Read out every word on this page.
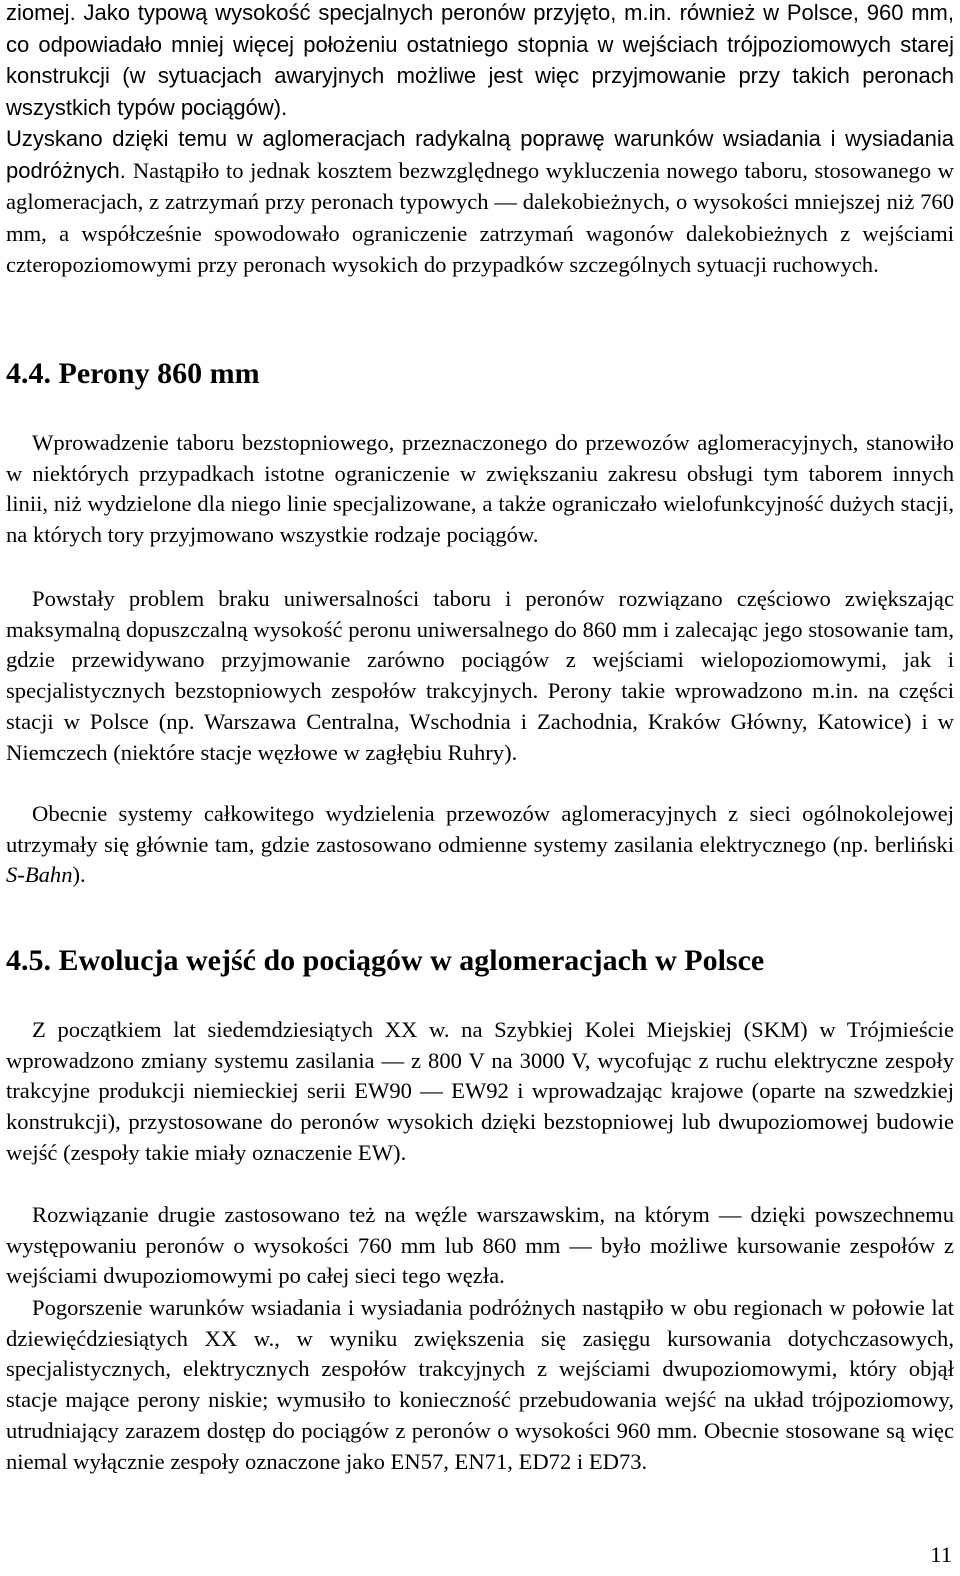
ziomej. Jako typową wysokość specjalnych peronów przyjęto, m.in. również w Polsce, 960 mm, co odpowiadało mniej więcej położeniu ostatniego stopnia w wejściach trójpoziomowych starej konstrukcji (w sytuacjach awaryjnych możliwe jest więc przyjmowanie przy takich peronach wszystkich typów pociągów).

Uzyskano dzięki temu w aglomeracjach radykalną poprawę warunków wsiadania i wysiadania podróżnych. Nastąpiło to jednak kosztem bezwzględnego wykluczenia nowego taboru, stosowanego w aglomeracjach, z zatrzymań przy peronach typowych — dalekobieżnych, o wysokości mniejszej niż 760 mm, a współcześnie spowodowało ograniczenie zatrzymań wagonów dalekobieżnych z wejściami czteropoziomowymi przy peronach wysokich do przypadków szczególnych sytuacji ruchowych.

4.4. Perony 860 mm

Wprowadzenie taboru bezstopniowego, przeznaczonego do przewozów aglomeracyjnych, stanowiło w niektórych przypadkach istotne ograniczenie w zwiększaniu zakresu obsługi tym taborem innych linii, niż wydzielone dla niego linie specjalizowane, a także ograniczało wielofunkcyjność dużych stacji, na których tory przyjmowano wszystkie rodzaje pociągów.

Powstały problem braku uniwersalności taboru i peronów rozwiązano częściowo zwiększając maksymalną dopuszczalną wysokość peronu uniwersalnego do 860 mm i zalecając jego stosowanie tam, gdzie przewidywano przyjmowanie zarówno pociągów z wejściami wielopoziomowymi, jak i specjalistycznych bezstopniowych zespołów trakcyjnych. Perony takie wprowadzono m.in. na części stacji w Polsce (np. Warszawa Centralna, Wschodnia i Zachodnia, Kraków Główny, Katowice) i w Niemczech (niektóre stacje węzłowe w zagłębiu Ruhry).

Obecnie systemy całkowitego wydzielenia przewozów aglomeracyjnych z sieci ogólnokolejowej utrzymały się głównie tam, gdzie zastosowano odmienne systemy zasilania elektrycznego (np. berliński S-Bahn).

4.5. Ewolucja wejść do pociągów w aglomeracjach w Polsce

Z początkiem lat siedemdziesiątych XX w. na Szybkiej Kolei Miejskiej (SKM) w Trójmieście wprowadzono zmiany systemu zasilania — z 800 V na 3000 V, wycofując z ruchu elektryczne zespoły trakcyjne produkcji niemieckiej serii EW90 — EW92 i wprowadzając krajowe (oparte na szwedzkiej konstrukcji), przystosowane do peronów wysokich dzięki bezstopniowej lub dwupoziomowej budowie wejść (zespoły takie miały oznaczenie EW).

Rozwiązanie drugie zastosowano też na węźle warszawskim, na którym — dzięki powszechnemu występowaniu peronów o wysokości 760 mm lub 860 mm — było możliwe kursowanie zespołów z wejściami dwupoziomowymi po całej sieci tego węzła.

Pogorszenie warunków wsiadania i wysiadania podróżnych nastąpiło w obu regionach w połowie lat dziewięćdziesiątych XX w., w wyniku zwiększenia się zasięgu kursowania dotychczasowych, specjalistycznych, elektrycznych zespołów trakcyjnych z wejściami dwupoziomowymi, który objął stacje mające perony niskie; wymusiło to konieczność przebudowania wejść na układ trójpoziomowy, utrudniający zarazem dostęp do pociągów z peronów o wysokości 960 mm. Obecnie stosowane są więc niemal wyłącznie zespoły oznaczone jako EN57, EN71, ED72 i ED73.

11
